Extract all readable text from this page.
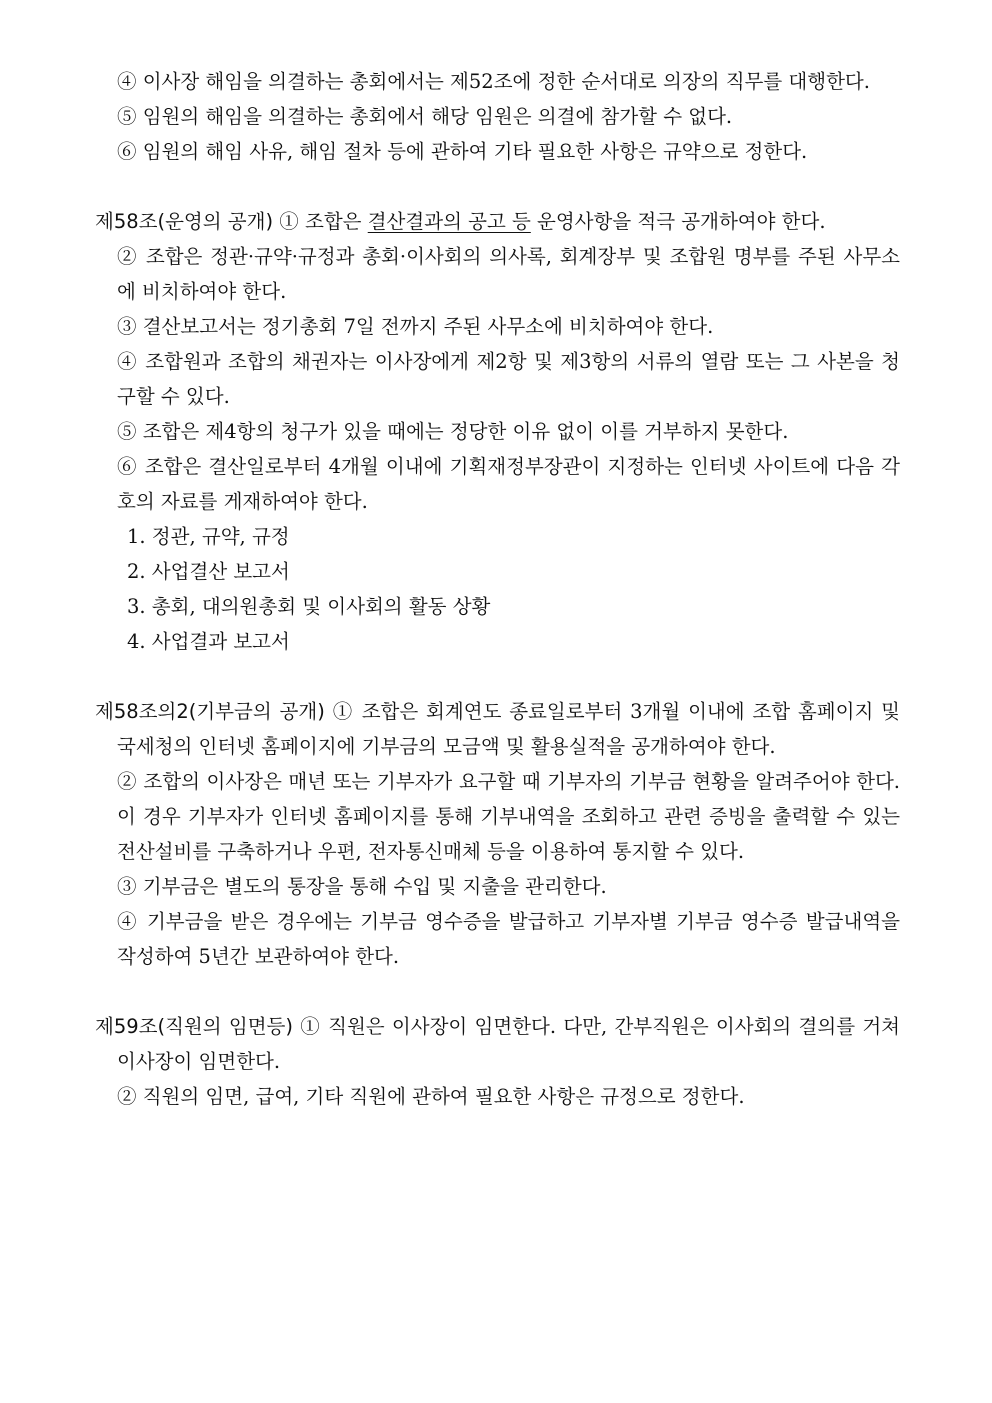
④ 이사장 해임을 의결하는 총회에서는 제52조에 정한 순서대로 의장의 직무를 대행한다.
⑤ 임원의 해임을 의결하는 총회에서 해당 임원은 의결에 참가할 수 없다.
⑥ 임원의 해임 사유, 해임 절차 등에 관하여 기타 필요한 사항은 규약으로 정한다.
제58조(운영의 공개) ① 조합은 결산결과의 공고 등 운영사항을 적극 공개하여야 한다.
② 조합은 정관·규약·규정과 총회·이사회의 의사록, 회계장부 및 조합원 명부를 주된 사무소에 비치하여야 한다.
③ 결산보고서는 정기총회 7일 전까지 주된 사무소에 비치하여야 한다.
④ 조합원과 조합의 채권자는 이사장에게 제2항 및 제3항의 서류의 열람 또는 그 사본을 청구할 수 있다.
⑤ 조합은 제4항의 청구가 있을 때에는 정당한 이유 없이 이를 거부하지 못한다.
⑥ 조합은 결산일로부터 4개월 이내에 기획재정부장관이 지정하는 인터넷 사이트에 다음 각 호의 자료를 게재하여야 한다.
1. 정관, 규약, 규정
2. 사업결산 보고서
3. 총회, 대의원총회 및 이사회의 활동 상황
4. 사업결과 보고서
제58조의2(기부금의 공개) ① 조합은 회계연도 종료일로부터 3개월 이내에 조합 홈페이지 및 국세청의 인터넷 홈페이지에 기부금의 모금액 및 활용실적을 공개하여야 한다.
② 조합의 이사장은 매년 또는 기부자가 요구할 때 기부자의 기부금 현황을 알려주어야 한다. 이 경우 기부자가 인터넷 홈페이지를 통해 기부내역을 조회하고 관련 증빙을 출력할 수 있는 전산설비를 구축하거나 우편, 전자통신매체 등을 이용하여 통지할 수 있다.
③ 기부금은 별도의 통장을 통해 수입 및 지출을 관리한다.
④ 기부금을 받은 경우에는 기부금 영수증을 발급하고 기부자별 기부금 영수증 발급내역을 작성하여 5년간 보관하여야 한다.
제59조(직원의 임면등) ① 직원은 이사장이 임면한다. 다만, 간부직원은 이사회의 결의를 거쳐 이사장이 임면한다.
② 직원의 임면, 급여, 기타 직원에 관하여 필요한 사항은 규정으로 정한다.
